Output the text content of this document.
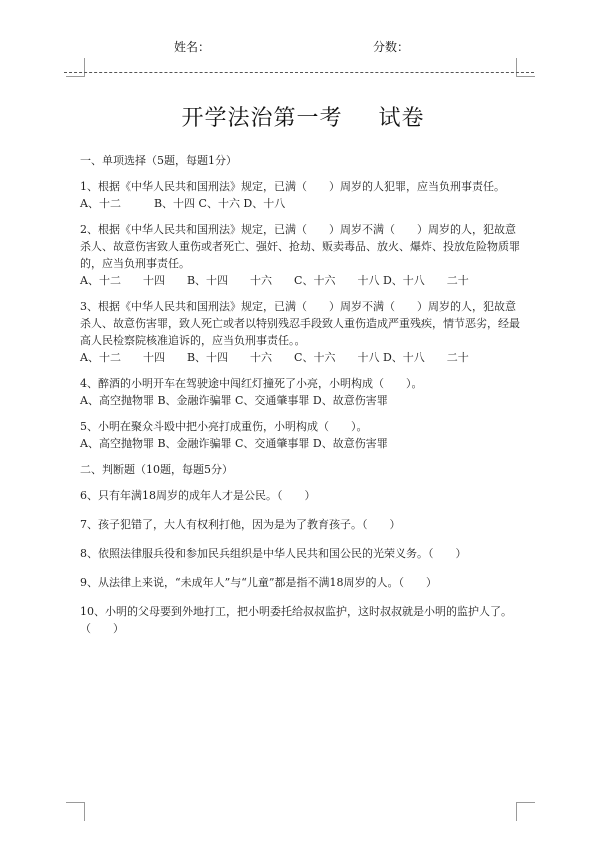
姓名：	分数：
开学法治第一考 试卷

一、单项选择（5题，每题1分）

1、根据《中华人民共和国刑法》规定，已满（　　）周岁的人犯罪，应当负刑事责任。

A、十二　　　B、十四 C、十六 D、十八

2、根据《中华人民共和国刑法》规定，已满（　　）周岁不满（　　）周岁的人，犯故意杀人、故意伤害致人重伤或者死亡、强奸、抢劫、贩卖毒品、放火、爆炸、投放危险物质罪的，应当负刑事责任。

A、十二　　十四　　B、十四　　十六　　C、十六　　十八 D、十八　　二十

3、根据《中华人民共和国刑法》规定，已满（　　）周岁不满（　　）周岁的人，犯故意杀人、故意伤害罪，致人死亡或者以特别残忍手段致人重伤造成严重残疾，情节恶劣，经最高人民检察院核准追诉的，应当负刑事责任。。

A、十二　　十四　　B、十四　　十六　　C、十六　　十八 D、十八　　二十

4、醉酒的小明开车在驾驶途中闯红灯撞死了小亮，小明构成（　　）。

A、高空抛物罪 B、金融诈骗罪 C、交通肇事罪 D、故意伤害罪

5、小明在聚众斗殴中把小亮打成重伤，小明构成（　　）。

A、高空抛物罪 B、金融诈骗罪 C、交通肇事罪 D、故意伤害罪

二、判断题（10题，每题5分）

6、只有年满18周岁的成年人才是公民。（　　）

7、孩子犯错了，大人有权利打他，因为是为了教育孩子。（　　）

8、依照法律服兵役和参加民兵组织是中华人民共和国公民的光荣义务。（　　）

9、从法律上来说，“未成年人”与“儿童”都是指不满18周岁的人。（　　）

10、小明的父母要到外地打工，把小明委托给叔叔监护，这时叔叔就是小明的监护人了。（　　）
